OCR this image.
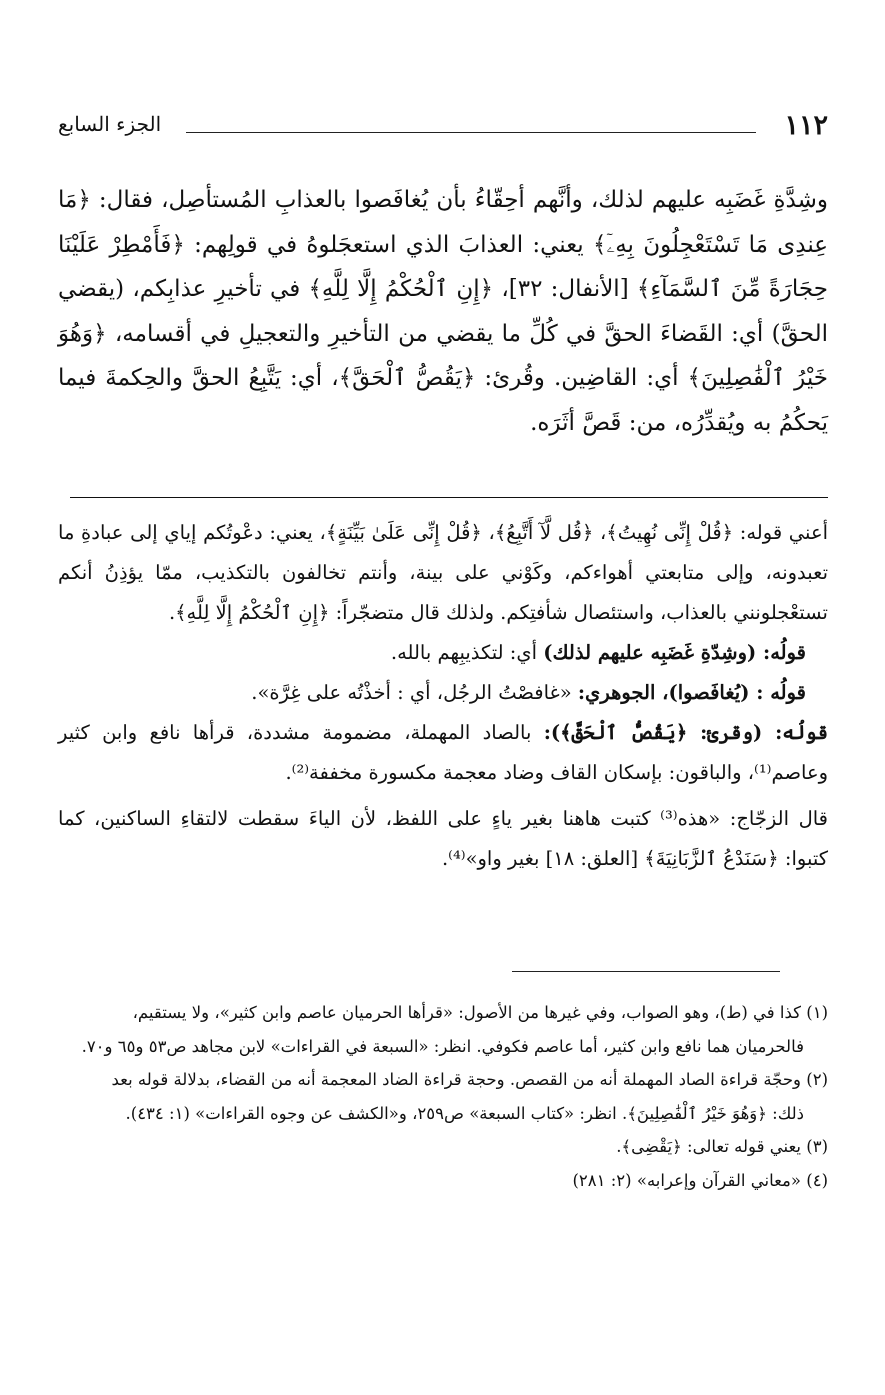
١١٢
الجزء السابع

وشِدَّةِ غَضَبِه عليهم لذلك، وأنَّهم أحِقّاءُ بأن يُغافَصوا بالعذابِ المُستأصِل، فقال: ﴿مَا عِندِى مَا تَسْتَعْجِلُونَ بِهِۦٓ﴾ يعني: العذابَ الذي استعجَلوهُ في قولِهم: ﴿فَأَمْطِرْ عَلَيْنَا حِجَارَةً مِّنَ ٱلسَّمَآءِ﴾ [الأنفال: ٣٢]، ﴿إِنِ ٱلْحُكْمُ إِلَّا لِلَّهِ﴾ في تأخيرِ عذابِكم، (يقضي الحقَّ) أي: القَضاءَ الحقَّ في كُلِّ ما يقضي من التأخيرِ والتعجيلِ في أقسامه، ﴿وَهُوَ خَيْرُ ٱلْفَٰصِلِينَ﴾ أي: القاضِين. وقُرئ: ﴿يَقُصُّ ٱلْحَقَّ﴾، أي: يَتَّبِعُ الحقَّ والحِكمةَ فيما يَحكُمُ به ويُقدِّرُه، من: قَصَّ أثَرَه.

أعني قوله: ﴿قُلْ إِنِّى نُهِيتُ﴾، ﴿قُل لَّآ أَتَّبِعُ﴾، ﴿قُلْ إِنِّى عَلَىٰ بَيِّنَةٍ﴾، يعني: دعْوتُكم إياي إلى عبادةِ ما تعبدونه، وإلى متابعتي أهواءكم، وكَوْني على بينة، وأنتم تخالفون بالتكذيب، ممّا يؤذِنُ أنكم تستعْجلونني بالعذاب، واستئصال شأفتِكم. ولذلك قال متضجّراً: ﴿إِنِ ٱلْحُكْمُ إِلَّا لِلَّهِ﴾.

قولُه: (وشِدّةِ غَضَبِه عليهم لذلك) أي: لتكذيبِهم بالله.

قولُه : (يُغافَصوا)، الجوهري: «غافصْتُ الرجُل، أي : أخذْتُه على غِرَّة».

قولُه: (وقرئ: ﴿يَقُصُّ ٱلْحَقَّ﴾): بالصاد المهملة، مضمومة مشددة، قرأها نافع وابن كثير وعاصم⁽¹⁾، والباقون: بإسكان القاف وضاد معجمة مكسورة مخففة⁽²⁾.

قال الزجّاج: «هذه⁽³⁾ كتبت هاهنا بغير ياءٍ على اللفظ، لأن الياءَ سقطت لالتقاءِ الساكنين، كما كتبوا: ﴿سَنَدْعُ ٱلزَّبَانِيَةَ﴾ [العلق: ١٨] بغير واو»⁽⁴⁾.

(١) كذا في (ط)، وهو الصواب، وفي غيرها من الأصول: «قرأها الحرميان عاصم وابن كثير»، ولا يستقيم،

فالحرميان هما نافع وابن كثير، أما عاصم فكوفي. انظر: «السبعة في القراءات» لابن مجاهد ص٥٣ و٦٥ و٧٠.

(٢) وحجّة قراءة الصاد المهملة أنه من القصص. وحجة قراءة الضاد المعجمة أنه من القضاء، بدلالة قوله بعد

ذلك: ﴿وَهُوَ خَيْرُ ٱلْفَٰصِلِينَ﴾. انظر: «كتاب السبعة» ص٢٥٩، و«الكشف عن وجوه القراءات» (١: ٤٣٤).

(٣) يعني قوله تعالى: ﴿يَقْضِى﴾.

(٤) «معاني القرآن وإعرابه» (٢: ٢٨١)
